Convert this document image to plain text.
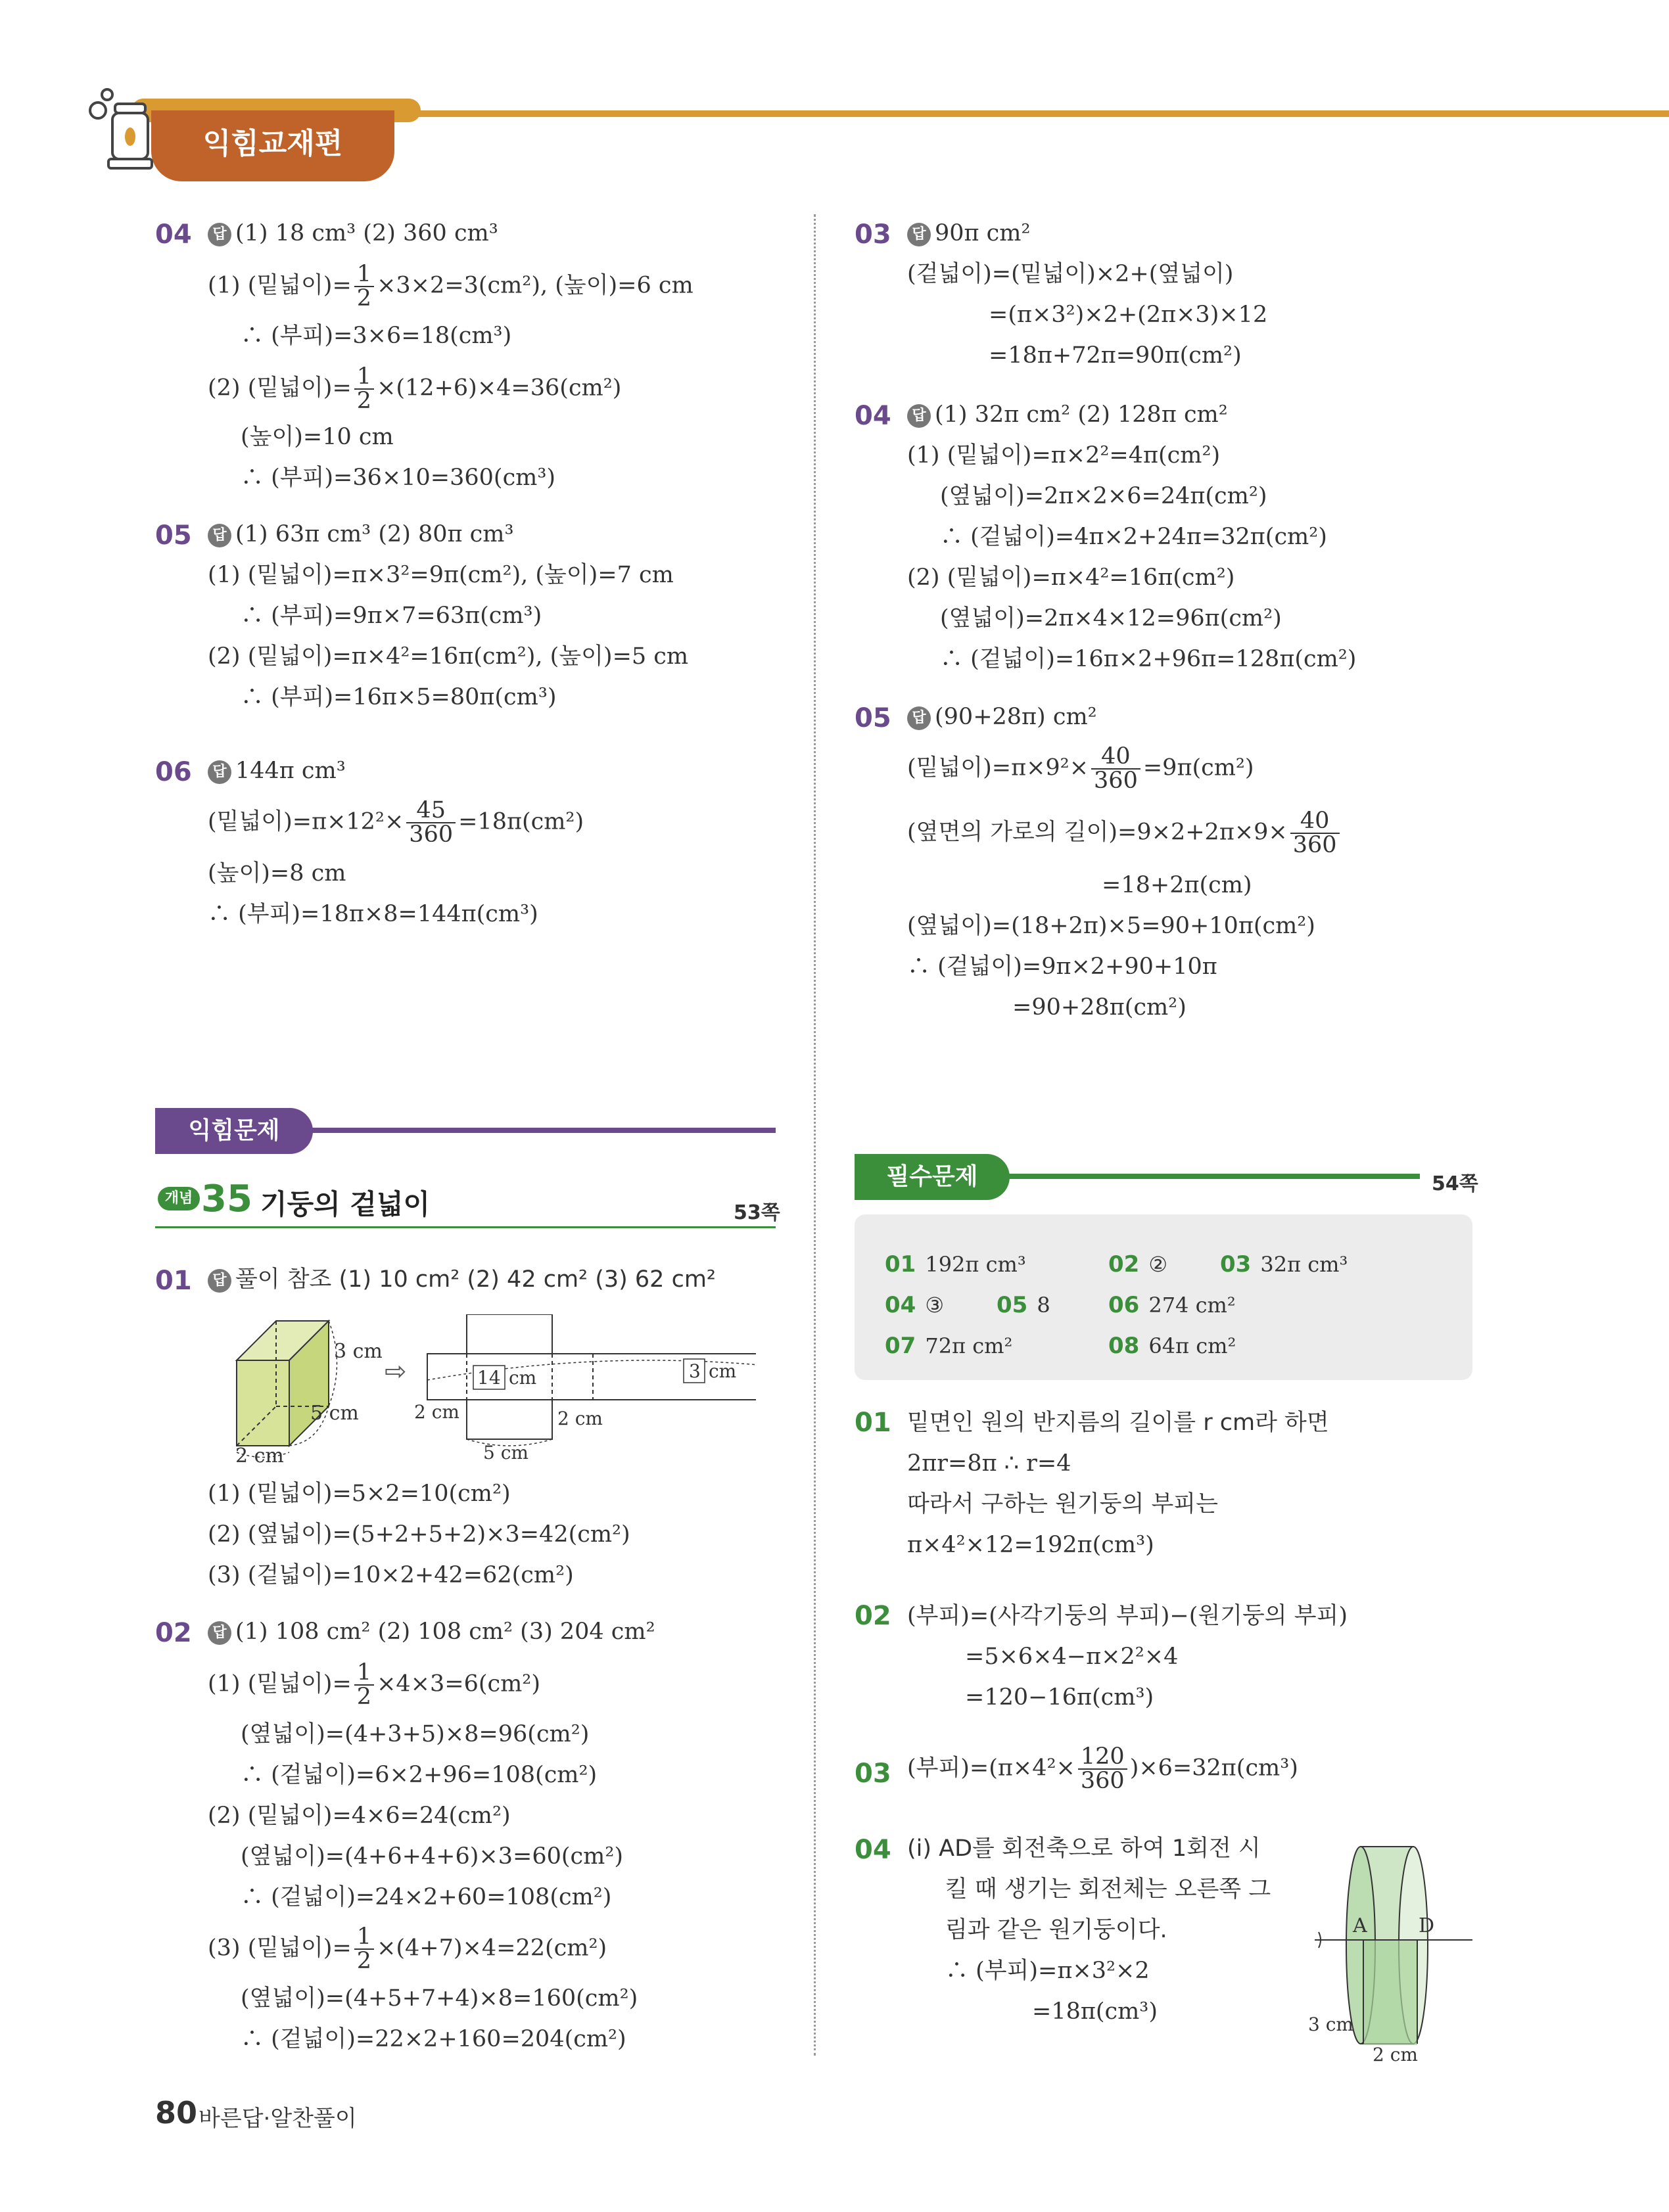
익힘교재편
04	답 (1) 18 cm³ (2) 360 cm³
(1) (밑넓이)= $\frac{1}{2} \times 3\times 2=3(cm^2)$, (높이)=6 cm
∴ (부피)=3×6=18(cm³)
(2) (밑넓이)= $\frac{1}{2} \times(12+6)\times 4=36(cm^2)$
(높이)=10 cm
∴ (부피)=36×10=360(cm³)
05	답 (1) 63π cm³ (2) 80π cm³
(1) (밑넓이)=π×3²=9π(cm²), (높이)=7 cm
∴ (부피)=9π×7=63π(cm³)
(2) (밑넓이)=π×4²=16π(cm²), (높이)=5 cm
∴ (부피)=16π×5=80π(cm³)
06	답 144π cm³
(밑넓이)$=\pi\times 12^2\times \frac{45}{360} =18\pi(cm^2)$
(높이)=8 cm
∴ (부피)=18π×8=144π(cm³)
익힘문제
개념 35 기둥의 겉넓이	53쪽
01	답 풀이 참조 (1) 10 cm² (2) 42 cm² (3) 62 cm²
3 cm
5 cm
2 cm
⇨	14 cm	3 cm
2 cm	2 cm
5 cm
(1) (밑넓이)=5×2=10(cm²)
(2) (옆넓이)=(5+2+5+2)×3=42(cm²)
(3) (겉넓이)=10×2+42=62(cm²)
02	답 (1) 108 cm² (2) 108 cm² (3) 204 cm²
(1) (밑넓이)= $\frac{1}{2} \times 4\times 3=6(cm^2)$
(옆넓이)=(4+3+5)×8=96(cm²)
∴ (겉넓이)=6×2+96=108(cm²)
(2) (밑넓이)=4×6=24(cm²)
(옆넓이)=(4+6+4+6)×3=60(cm²)
∴ (겉넓이)=24×2+60=108(cm²)
(3) (밑넓이)= $\frac{1}{2} \times(4+7)\times 4=22(cm^2)$
(옆넓이)=(4+5+7+4)×8=160(cm²)
∴ (겉넓이)=22×2+160=204(cm²)
03	답 90π cm²
(겉넓이)=(밑넓이)×2+(옆넓이)
=(π×3²)×2+(2π×3)×12
=18π+72π=90π(cm²)
04	답 (1) 32π cm² (2) 128π cm²
(1) (밑넓이)=π×2²=4π(cm²)
(옆넓이)=2π×2×6=24π(cm²)
∴ (겉넓이)=4π×2+24π=32π(cm²)
(2) (밑넓이)=π×4²=16π(cm²)
(옆넓이)=2π×4×12=96π(cm²)
∴ (겉넓이)=16π×2+96π=128π(cm²)
05	답 (90+28π) cm²
(밑넓이)$=\pi\times 9^2\times \frac{40}{360} =9\pi(cm^2)$
(옆면의 가로의 길이)$=9\times 2+2\pi\times 9\times \frac{40}{360}$
=18+2π(cm)
(옆넓이)=(18+2π)×5=90+10π(cm²)
∴ (겉넓이)=9π×2+90+10π
=90+28π(cm²)
필수문제	54쪽
01 밑면인 원의 반지름의 길이를 r cm라 하면
2πr=8π ∴ r=4
따라서 구하는 원기둥의 부피는
π×4²×12=192π(cm³)
02 (부피)=(사각기둥의 부피)−(원기둥의 부피)
=5×6×4−π×2²×4
=120−16π(cm³)
03 (부피)$=(\pi\times 4^2\times \frac{120}{360} )\times 6=32\pi(cm^3)$
04 (ⅰ) AD를 회전축으로 하여 1회전 시
킬 때 생기는 회전체는 오른쪽 그
림과 같은 원기둥이다.
∴ (부피)=π×3²×2
=18π(cm³)
A	D
3 cm
2 cm
80 바른답·알찬풀이
01 192π cm³	02 ② 03 32π cm³
04 ③ 05 8	06 274 cm²
07 72π cm²	08 64π cm²
